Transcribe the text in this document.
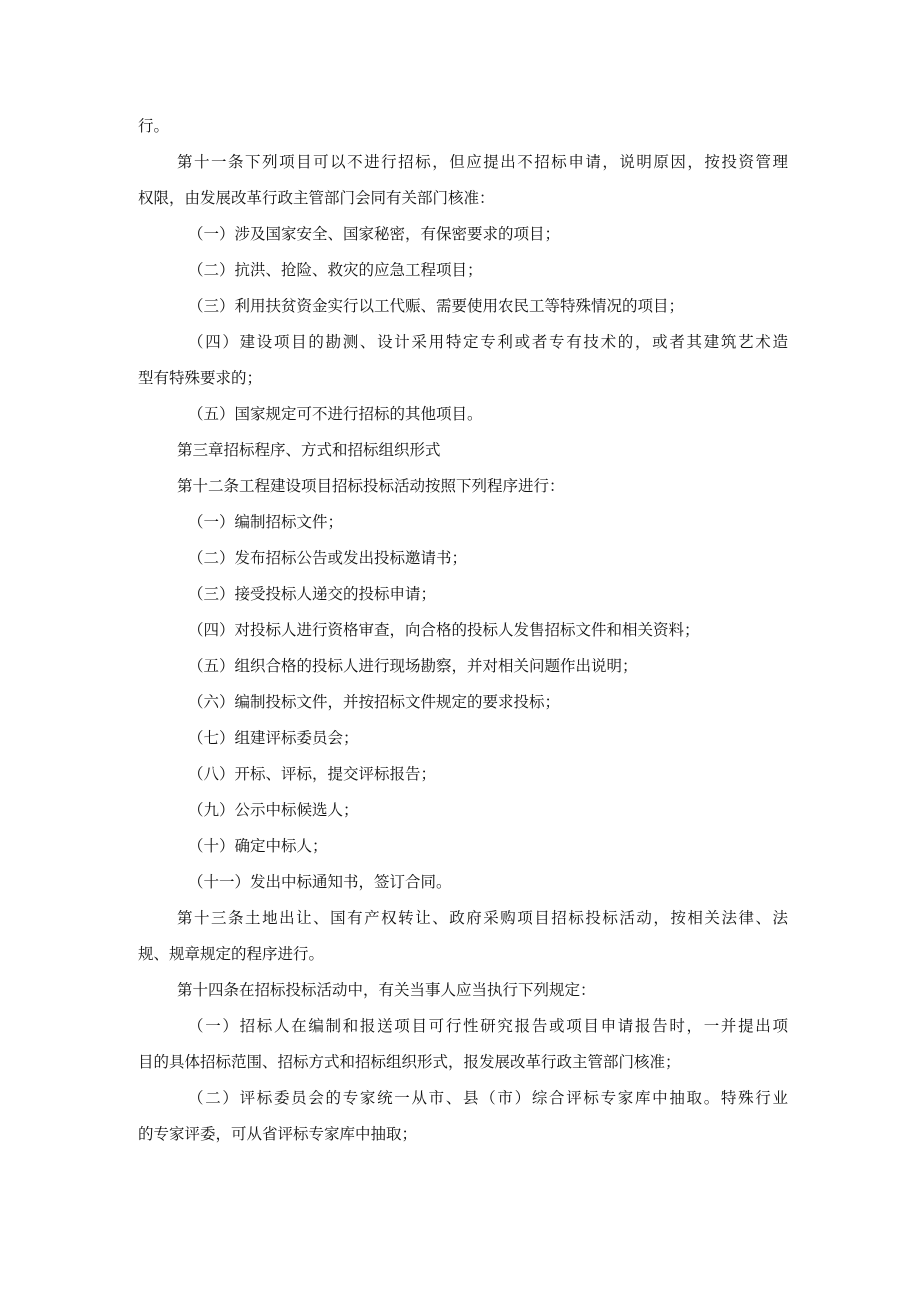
行。
第十一条下列项目可以不进行招标，但应提出不招标申请，说明原因，按投资管理
权限，由发展改革行政主管部门会同有关部门核准：
（一）涉及国家安全、国家秘密，有保密要求的项目；
（二）抗洪、抢险、救灾的应急工程项目；
（三）利用扶贫资金实行以工代赈、需要使用农民工等特殊情况的项目；
（四）建设项目的勘测、设计采用特定专利或者专有技术的，或者其建筑艺术造
型有特殊要求的；
（五）国家规定可不进行招标的其他项目。
第三章招标程序、方式和招标组织形式
第十二条工程建设项目招标投标活动按照下列程序进行：
（一）编制招标文件；
（二）发布招标公告或发出投标邀请书；
（三）接受投标人递交的投标申请；
（四）对投标人进行资格审查，向合格的投标人发售招标文件和相关资料；
（五）组织合格的投标人进行现场勘察，并对相关问题作出说明；
（六）编制投标文件，并按招标文件规定的要求投标；
（七）组建评标委员会；
（八）开标、评标，提交评标报告；
（九）公示中标候选人；
（十）确定中标人；
（十一）发出中标通知书，签订合同。
第十三条土地出让、国有产权转让、政府采购项目招标投标活动，按相关法律、法
规、规章规定的程序进行。
第十四条在招标投标活动中，有关当事人应当执行下列规定：
（一）招标人在编制和报送项目可行性研究报告或项目申请报告时，一并提出项
目的具体招标范围、招标方式和招标组织形式，报发展改革行政主管部门核准；
（二）评标委员会的专家统一从市、县（市）综合评标专家库中抽取。特殊行业
的专家评委，可从省评标专家库中抽取；
